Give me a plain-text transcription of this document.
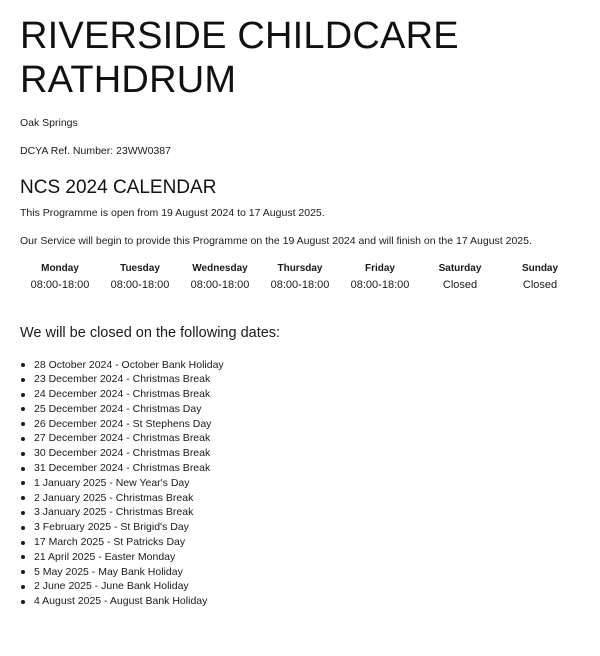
RIVERSIDE CHILDCARE RATHDRUM

Oak Springs

DCYA Ref. Number: 23WW0387

NCS 2024 CALENDAR

This Programme is open from 19 August 2024 to 17 August 2025.

Our Service will begin to provide this Programme on the 19 August 2024 and will finish on the 17 August 2025.

Monday
08:00-18:00
Tuesday
08:00-18:00
Wednesday
08:00-18:00
Thursday
08:00-18:00
Friday
08:00-18:00
Saturday
Closed
Sunday
Closed
We will be closed on the following dates:
28 October 2024 - October Bank Holiday
23 December 2024 - Christmas Break
24 December 2024 - Christmas Break
25 December 2024 - Christmas Day
26 December 2024 - St Stephens Day
27 December 2024 - Christmas Break
30 December 2024 - Christmas Break
31 December 2024 - Christmas Break
1 January 2025 - New Year's Day
2 January 2025 - Christmas Break
3 January 2025 - Christmas Break
3 February 2025 - St Brigid's Day
17 March 2025 - St Patricks Day
21 April 2025 - Easter Monday
5 May 2025 - May Bank Holiday
2 June 2025 - June Bank Holiday
4 August 2025 - August Bank Holiday
